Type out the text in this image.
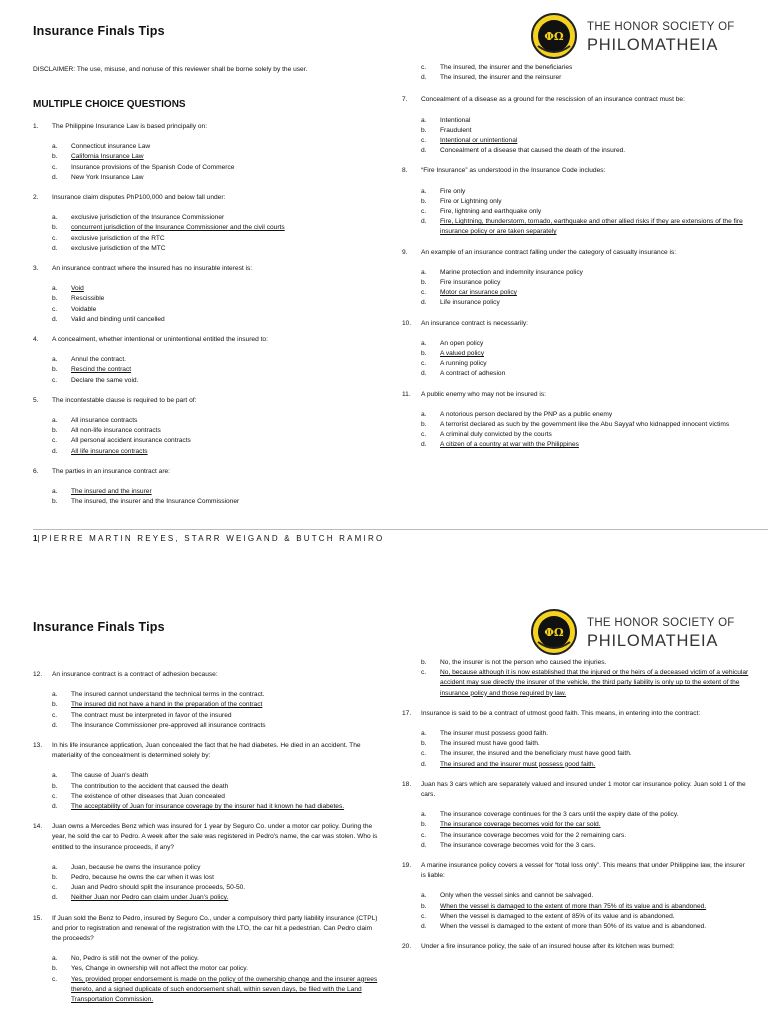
Insurance Finals Tips	ΦΩ
THE HONOR SOCIETY OF
PHILOMATHEIA
DISCLAIMER: The use, misuse, and nonuse of this reviewer shall be borne solely by the user.
MULTIPLE CHOICE QUESTIONS
1.	The Philippine Insurance Law is based principally on:
a.	Connecticut insurance Law
b.	California Insurance Law
c.	Insurance provisions of the Spanish Code of Commerce
d.	New York Insurance Law
2.	Insurance claim disputes PhP100,000 and below fall under:
a.	exclusive jurisdiction of the Insurance Commissioner
b.	concurrent jurisdiction of the Insurance Commissioner and the civil courts
c.	exclusive jurisdiction of the RTC
d.	exclusive jurisdiction of the MTC
3.	An insurance contract where the insured has no insurable interest is:
a.	Void
b.	Rescissible
c.	Voidable
d.	Valid and binding until cancelled
4.	A concealment, whether intentional or unintentional entitled the insured to:
a.	Annul the contract.
b.	Rescind the contract
c.	Declare the same void.
5.	The incontestable clause is required to be part of:
a.	All insurance contracts
b.	All non-life insurance contracts
c.	All personal accident insurance contracts
d.	All life insurance contracts
6.	The parties in an insurance contract are:
a.	The insured and the insurer
b.	The insured, the insurer and the Insurance Commissioner
c.	The insured, the insurer and the beneficiaries
d.	The insured, the insurer and the reinsurer
7.	Concealment of a disease as a ground for the rescission of an insurance contract must be:
a.	Intentional
b.	Fraudulent
c.	Intentional or unintentional
d.	Concealment of a disease that caused the death of the insured.
8.	“Fire Insurance” as understood in the Insurance Code includes:
a.	Fire only
b.	Fire or Lightning only
c.	Fire, lightning and earthquake only
d.	Fire, Lightning, thunderstorm, tornado, earthquake and other allied risks if they are extensions of the fire insurance policy or are taken separately
9.	An example of an insurance contract falling under the category of casualty insurance is:
a.	Marine protection and indemnity insurance policy
b.	Fire insurance policy
c.	Motor car insurance policy
d.	Life insurance policy
10.	An insurance contract is necessarily:
a.	An open policy
b.	A valued policy
c.	A running policy
d.	A contract of adhesion
11.	A public enemy who may not be insured is:
a.	A notorious person declared by the PNP as a public enemy
b.	A terrorist declared as such by the government like the Abu Sayyaf who kidnapped innocent victims
c.	A criminal duly convicted by the courts
d.	A citizen of a country at war with the Philippines
1|PIERRE MARTIN REYES, STARR WEIGAND & BUTCH RAMIRO
Insurance Finals Tips	ΦΩ
THE HONOR SOCIETY OF
PHILOMATHEIA
12.	An insurance contract is a contract of adhesion because:
a.	The insured cannot understand the technical terms in the contract.
b.	The insured did not have a hand in the preparation of the contract
c.	The contract must be interpreted in favor of the insured
d.	The Insurance Commissioner pre-approved all insurance contracts
13.	In his life insurance application, Juan concealed the fact that he had diabetes. He died in an accident. The materiality of the concealment is determined solely by:
a.	The cause of Juan's death
b.	The contribution to the accident that caused the death
c.	The existence of other diseases that Juan concealed
d.	The acceptability of Juan for insurance coverage by the insurer had it known he had diabetes.
14.	Juan owns a Mercedes Benz which was insured for 1 year by Seguro Co. under a motor car policy. During the year, he sold the car to Pedro. A week after the sale was registered in Pedro's name, the car was stolen. Who is entitled to the insurance proceeds, if any?
a.	Juan, because he owns the insurance policy
b.	Pedro, because he owns the car when it was lost
c.	Juan and Pedro should split the insurance proceeds, 50-50.
d.	Neither Juan nor Pedro can claim under Juan's policy.
15.	If Juan sold the Benz to Pedro, insured by Seguro Co., under a compulsory third party liability insurance (CTPL) and prior to registration and renewal of the registration with the LTO, the car hit a pedestrian. Can Pedro claim the proceeds?
a.	No, Pedro is still not the owner of the policy.
b.	Yes, Change in ownership will not affect the motor car policy.
c.	Yes, provided proper endorsement is made on the policy of the ownership change and the insurer agrees thereto, and a signed duplicate of such endorsement shall, within seven days, be filed with the Land Transportation Commission.
b.	No, the insurer is not the person who caused the injuries.
c.	No, because although it is now established that the injured or the heirs of a deceased victim of a vehicular accident may sue directly the insurer of the vehicle, the third party liability is only up to the extent of the insurance policy and those required by law.
17.	Insurance is said to be a contract of utmost good faith. This means, in entering into the contract:
a.	The insurer must possess good faith.
b.	The insured must have good faith.
c.	The insurer, the insured and the beneficiary must have good faith.
d.	The insured and the insurer must possess good faith.
18.	Juan has 3 cars which are separately valued and insured under 1 motor car insurance policy. Juan sold 1 of the cars.
a.	The insurance coverage continues for the 3 cars until the expiry date of the policy.
b.	The insurance coverage becomes void for the car sold.
c.	The insurance coverage becomes void for the 2 remaining cars.
d.	The insurance coverage becomes void for the 3 cars.
19.	A marine insurance policy covers a vessel for “total loss only”. This means that under Philippine law, the insurer is liable:
a.	Only when the vessel sinks and cannot be salvaged.
b.	When the vessel is damaged to the extent of more than 75% of its value and is abandoned.
c.	When the vessel is damaged to the extent of 85% of its value and is abandoned.
d.	When the vessel is damaged to the extent of more than 50% of its value and is abandoned.
20.	Under a fire insurance policy, the sale of an insured house after its kitchen was burned:
